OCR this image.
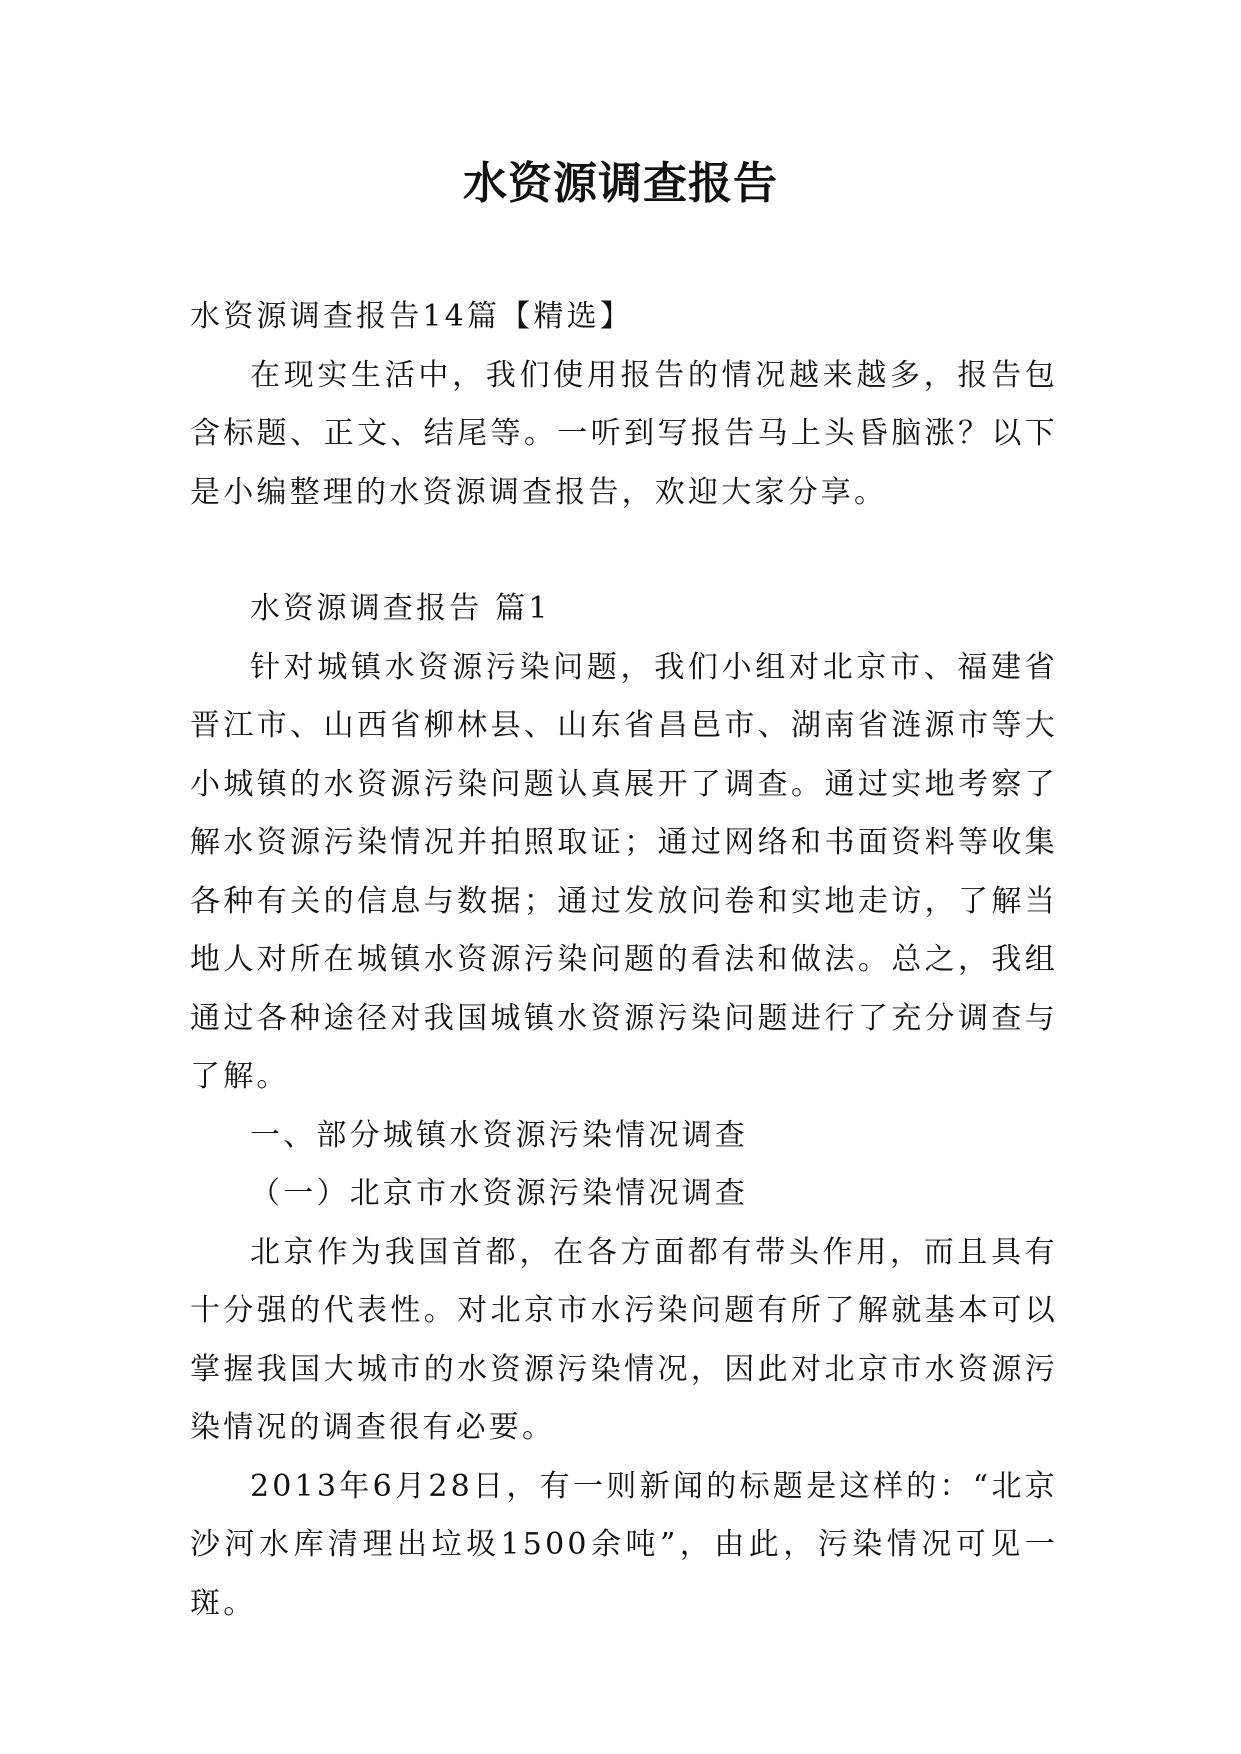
水资源调查报告

水资源调查报告14篇【精选】

在现实生活中，我们使用报告的情况越来越多，报告包含标题、正文、结尾等。一听到写报告马上头昏脑涨？以下是小编整理的水资源调查报告，欢迎大家分享。

水资源调查报告 篇1

针对城镇水资源污染问题，我们小组对北京市、福建省晋江市、山西省柳林县、山东省昌邑市、湖南省涟源市等大小城镇的水资源污染问题认真展开了调查。通过实地考察了解水资源污染情况并拍照取证；通过网络和书面资料等收集各种有关的信息与数据；通过发放问卷和实地走访，了解当地人对所在城镇水资源污染问题的看法和做法。总之，我组通过各种途径对我国城镇水资源污染问题进行了充分调查与了解。

一、部分城镇水资源污染情况调查

（一）北京市水资源污染情况调查

北京作为我国首都，在各方面都有带头作用，而且具有十分强的代表性。对北京市水污染问题有所了解就基本可以掌握我国大城市的水资源污染情况，因此对北京市水资源污染情况的调查很有必要。

2013年6月28日，有一则新闻的标题是这样的：“北京沙河水库清理出垃圾1500余吨”，由此，污染情况可见一斑。
